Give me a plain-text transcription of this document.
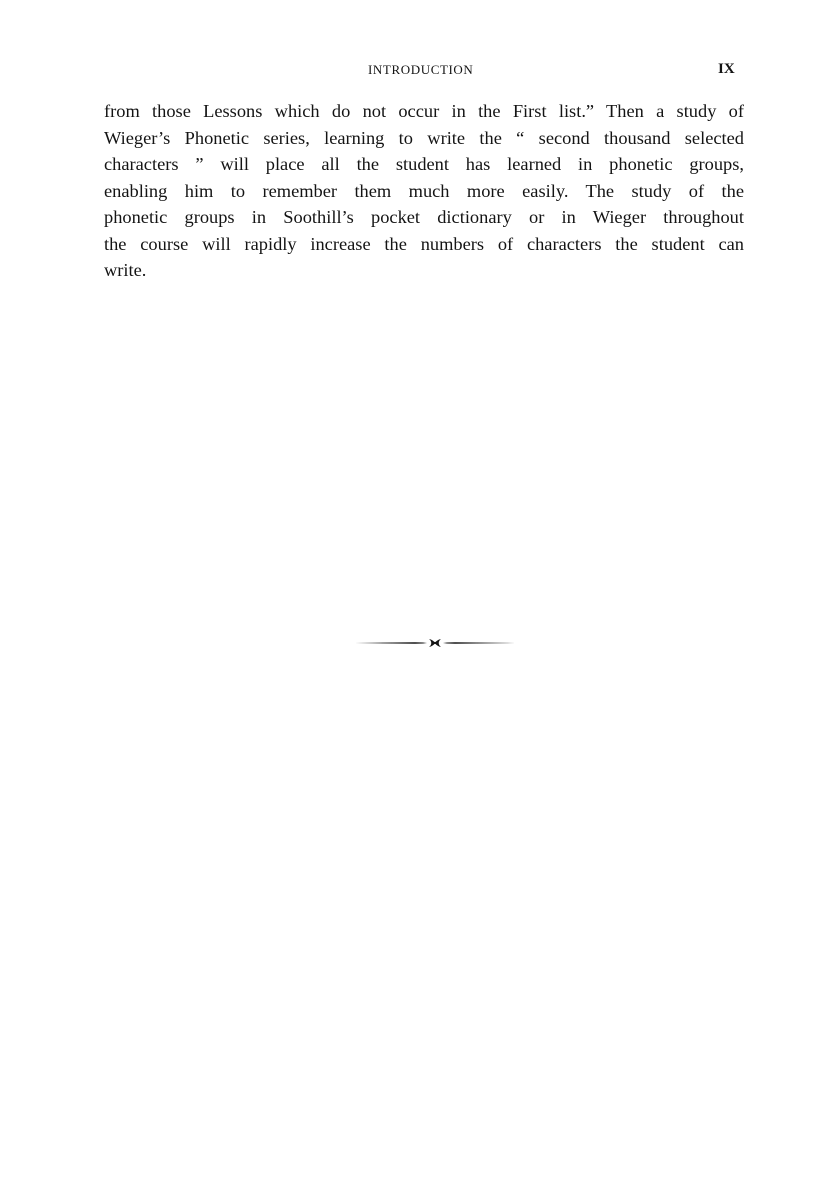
INTRODUCTION	IX
from those Lessons which do not occur in the First list.” Then a study of
Wieger’s Phonetic series, learning to write the “ second thousand selected
characters ” will place all the student has learned in phonetic groups,
enabling him to remember them much more easily. The study of the
phonetic groups in Soothill’s pocket dictionary or in Wieger throughout
the course will rapidly increase the numbers of characters the student can
write.
